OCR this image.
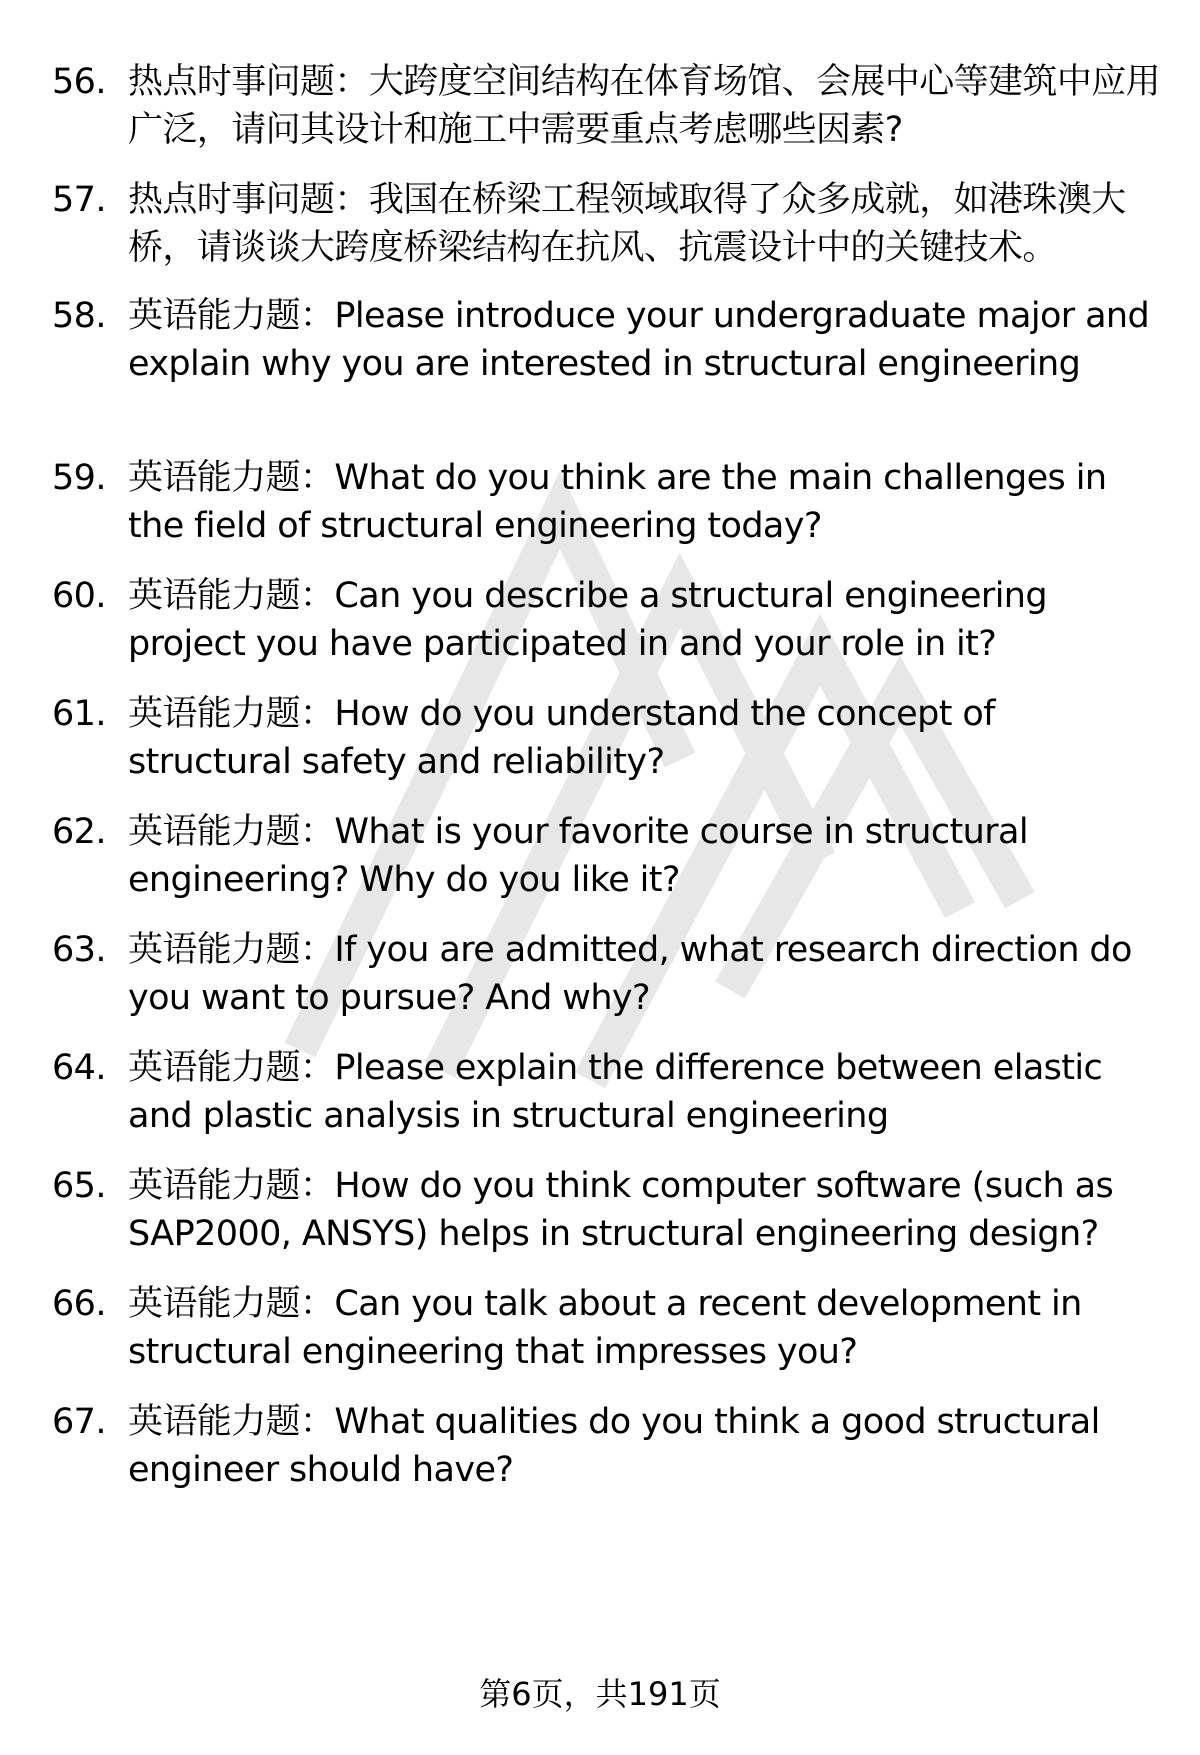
56. 热点时事问题：大跨度空间结构在体育场馆、会展中心等建筑中应用广泛，请问其设计和施工中需要重点考虑哪些因素?
57. 热点时事问题：我国在桥梁工程领域取得了众多成就，如港珠澳大桥，请谈谈大跨度桥梁结构在抗风、抗震设计中的关键技术。
58. 英语能力题：Please introduce your undergraduate major and explain why you are interested in structural engineering
59. 英语能力题：What do you think are the main challenges in the field of structural engineering today?
60. 英语能力题：Can you describe a structural engineering project you have participated in and your role in it?
61. 英语能力题：How do you understand the concept of structural safety and reliability?
62. 英语能力题：What is your favorite course in structural engineering? Why do you like it?
63. 英语能力题：If you are admitted, what research direction do you want to pursue? And why?
64. 英语能力题：Please explain the difference between elastic and plastic analysis in structural engineering
65. 英语能力题：How do you think computer software (such as SAP2000, ANSYS) helps in structural engineering design?
66. 英语能力题：Can you talk about a recent development in structural engineering that impresses you?
67. 英语能力题：What qualities do you think a good structural engineer should have?
第6页，共191页
